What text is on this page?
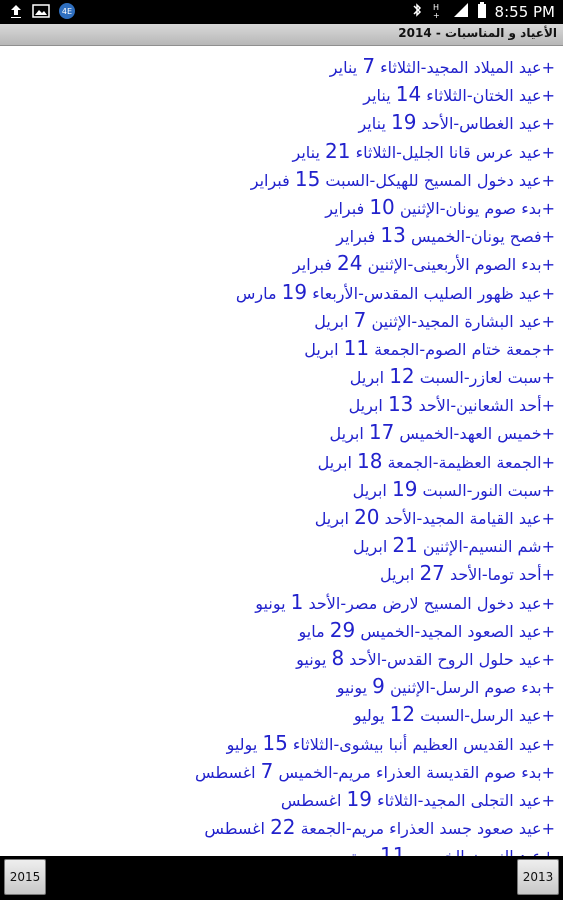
4E	H
+	8:55 PM
الأعياد و المناسبات - 2014
+عيد الميلاد المجيد-الثلاثاء 7 يناير
+عيد الختان-الثلاثاء 14 يناير
+عيد الغطاس-الأحد 19 يناير
+عيد عرس قانا الجليل-الثلاثاء 21 يناير
+عيد دخول المسيح للهيكل-السبت 15 فبراير
+بدء صوم يونان-الإثنين 10 فبراير
+فصح يونان-الخميس 13 فبراير
+بدء الصوم الأربعينى-الإثنين 24 فبراير
+عيد ظهور الصليب المقدس-الأربعاء 19 مارس
+عيد البشارة المجيد-الإثنين 7 ابريل
+جمعة ختام الصوم-الجمعة 11 ابريل
+سبت لعازر-السبت 12 ابريل
+أحد الشعانين-الأحد 13 ابريل
+خميس العهد-الخميس 17 ابريل
+الجمعة العظيمة-الجمعة 18 ابريل
+سبت النور-السبت 19 ابريل
+عيد القيامة المجيد-الأحد 20 ابريل
+شم النسيم-الإثنين 21 ابريل
+أحد توما-الأحد 27 ابريل
+عيد دخول المسيح لارض مصر-الأحد 1 يونيو
+عيد الصعود المجيد-الخميس 29 مايو
+عيد حلول الروح القدس-الأحد 8 يونيو
+بدء صوم الرسل-الإثنين 9 يونيو
+عيد الرسل-السبت 12 يوليو
+عيد القديس العظيم أنبا بيشوى-الثلاثاء 15 يوليو
+بدء صوم القديسة العذراء مريم-الخميس 7 اغسطس
+عيد التجلى المجيد-الثلاثاء 19 اغسطس
+عيد صعود جسد العذراء مريم-الجمعة 22 اغسطس
2015	2013
